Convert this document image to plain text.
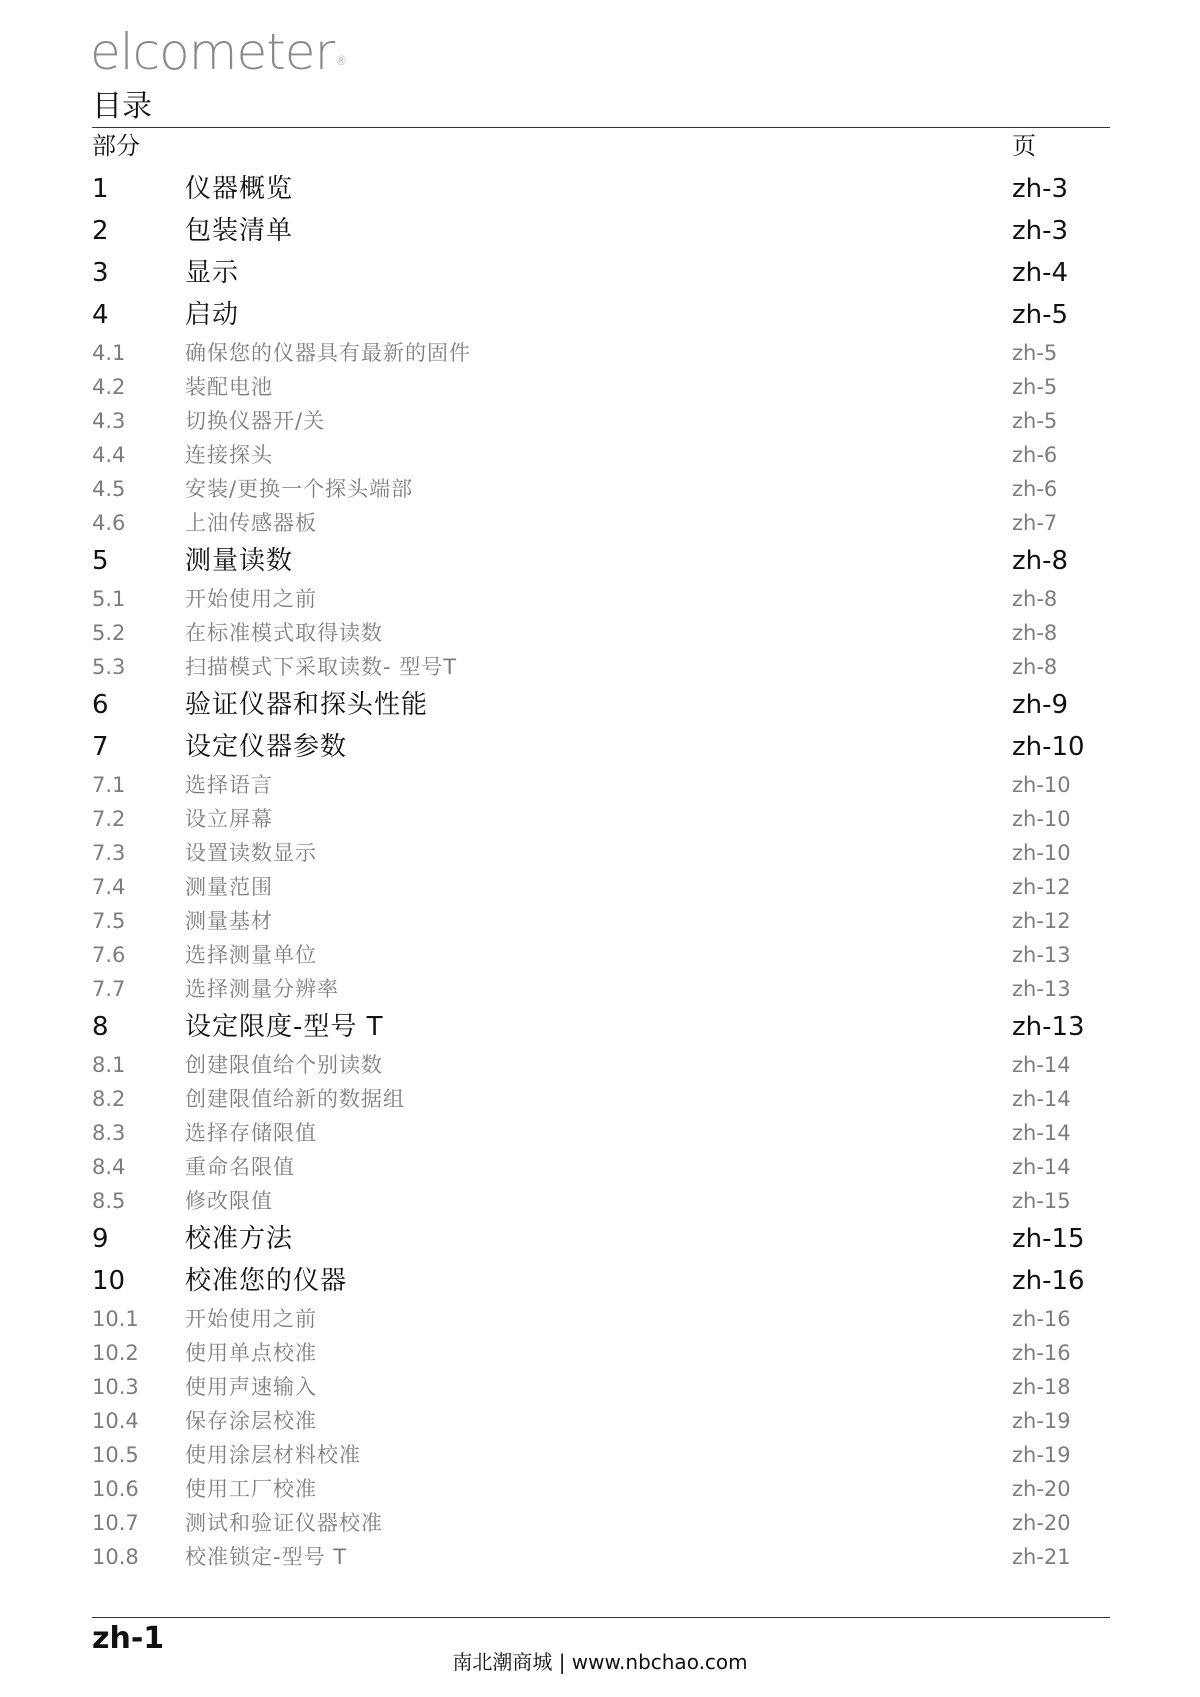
elcometer®
目录
部分	页
1	仪器概览	zh-3
2	包装清单	zh-3
3	显示	zh-4
4	启动	zh-5
4.1	确保您的仪器具有最新的固件	zh-5
4.2	装配电池	zh-5
4.3	切换仪器开/关	zh-5
4.4	连接探头	zh-6
4.5	安装/更换一个探头端部	zh-6
4.6	上油传感器板	zh-7
5	测量读数	zh-8
5.1	开始使用之前	zh-8
5.2	在标准模式取得读数	zh-8
5.3	扫描模式下采取读数- 型号T	zh-8
6	验证仪器和探头性能	zh-9
7	设定仪器参数	zh-10
7.1	选择语言	zh-10
7.2	设立屏幕	zh-10
7.3	设置读数显示	zh-10
7.4	测量范围	zh-12
7.5	测量基材	zh-12
7.6	选择测量单位	zh-13
7.7	选择测量分辨率	zh-13
8	设定限度-型号 T	zh-13
8.1	创建限值给个别读数	zh-14
8.2	创建限值给新的数据组	zh-14
8.3	选择存储限值	zh-14
8.4	重命名限值	zh-14
8.5	修改限值	zh-15
9	校准方法	zh-15
10 校准您的仪器	zh-16
10.1 开始使用之前	zh-16
10.2 使用单点校准	zh-16
10.3 使用声速输入	zh-18
10.4 保存涂层校准	zh-19
10.5 使用涂层材料校准	zh-19
10.6 使用工厂校准	zh-20
10.7 测试和验证仪器校准	zh-20
10.8 校准锁定-型号 T	zh-21
zh-1
南北潮商城 | www.nbchao.com
